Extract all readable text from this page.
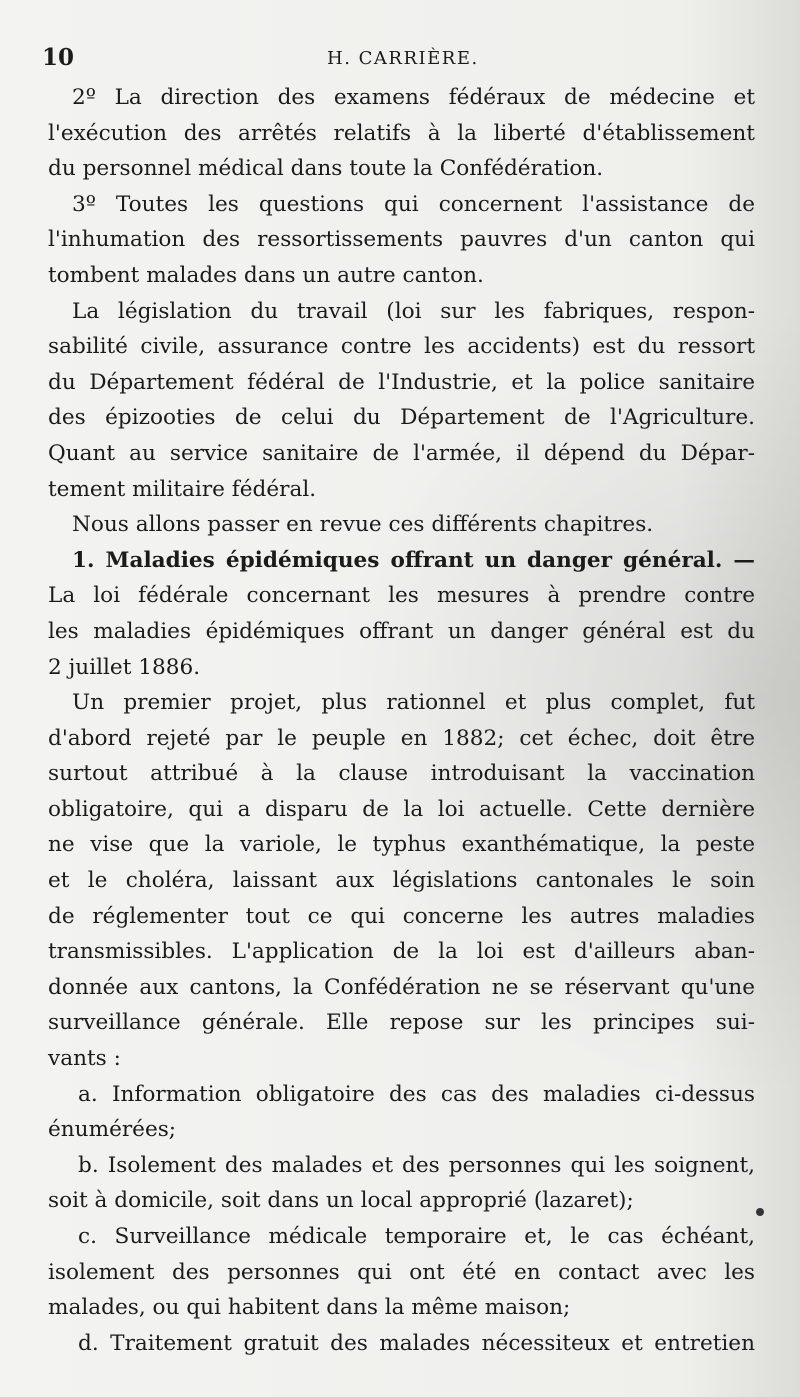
10	H. CARRIÈRE.
2º La direction des examens fédéraux de médecine et
l'exécution des arrêtés relatifs à la liberté d'établissement
du personnel médical dans toute la Confédération.
3º Toutes les questions qui concernent l'assistance de
l'inhumation des ressortissements pauvres d'un canton qui
tombent malades dans un autre canton.
La législation du travail (loi sur les fabriques, respon-
sabilité civile, assurance contre les accidents) est du ressort
du Département fédéral de l'Industrie, et la police sanitaire
des épizooties de celui du Département de l'Agriculture.
Quant au service sanitaire de l'armée, il dépend du Dépar-
tement militaire fédéral.
Nous allons passer en revue ces différents chapitres.
1. Maladies épidémiques offrant un danger général. —
La loi fédérale concernant les mesures à prendre contre
les maladies épidémiques offrant un danger général est du
2 juillet 1886.
Un premier projet, plus rationnel et plus complet, fut
d'abord rejeté par le peuple en 1882; cet échec, doit être
surtout attribué à la clause introduisant la vaccination
obligatoire, qui a disparu de la loi actuelle. Cette dernière
ne vise que la variole, le typhus exanthématique, la peste
et le choléra, laissant aux législations cantonales le soin
de réglementer tout ce qui concerne les autres maladies
transmissibles. L'application de la loi est d'ailleurs aban-
donnée aux cantons, la Confédération ne se réservant qu'une
surveillance générale. Elle repose sur les principes sui-
vants :
a. Information obligatoire des cas des maladies ci-dessus
énumérées;
b. Isolement des malades et des personnes qui les soignent,
soit à domicile, soit dans un local approprié (lazaret);
c. Surveillance médicale temporaire et, le cas échéant,
isolement des personnes qui ont été en contact avec les
malades, ou qui habitent dans la même maison;
d. Traitement gratuit des malades nécessiteux et entretien
